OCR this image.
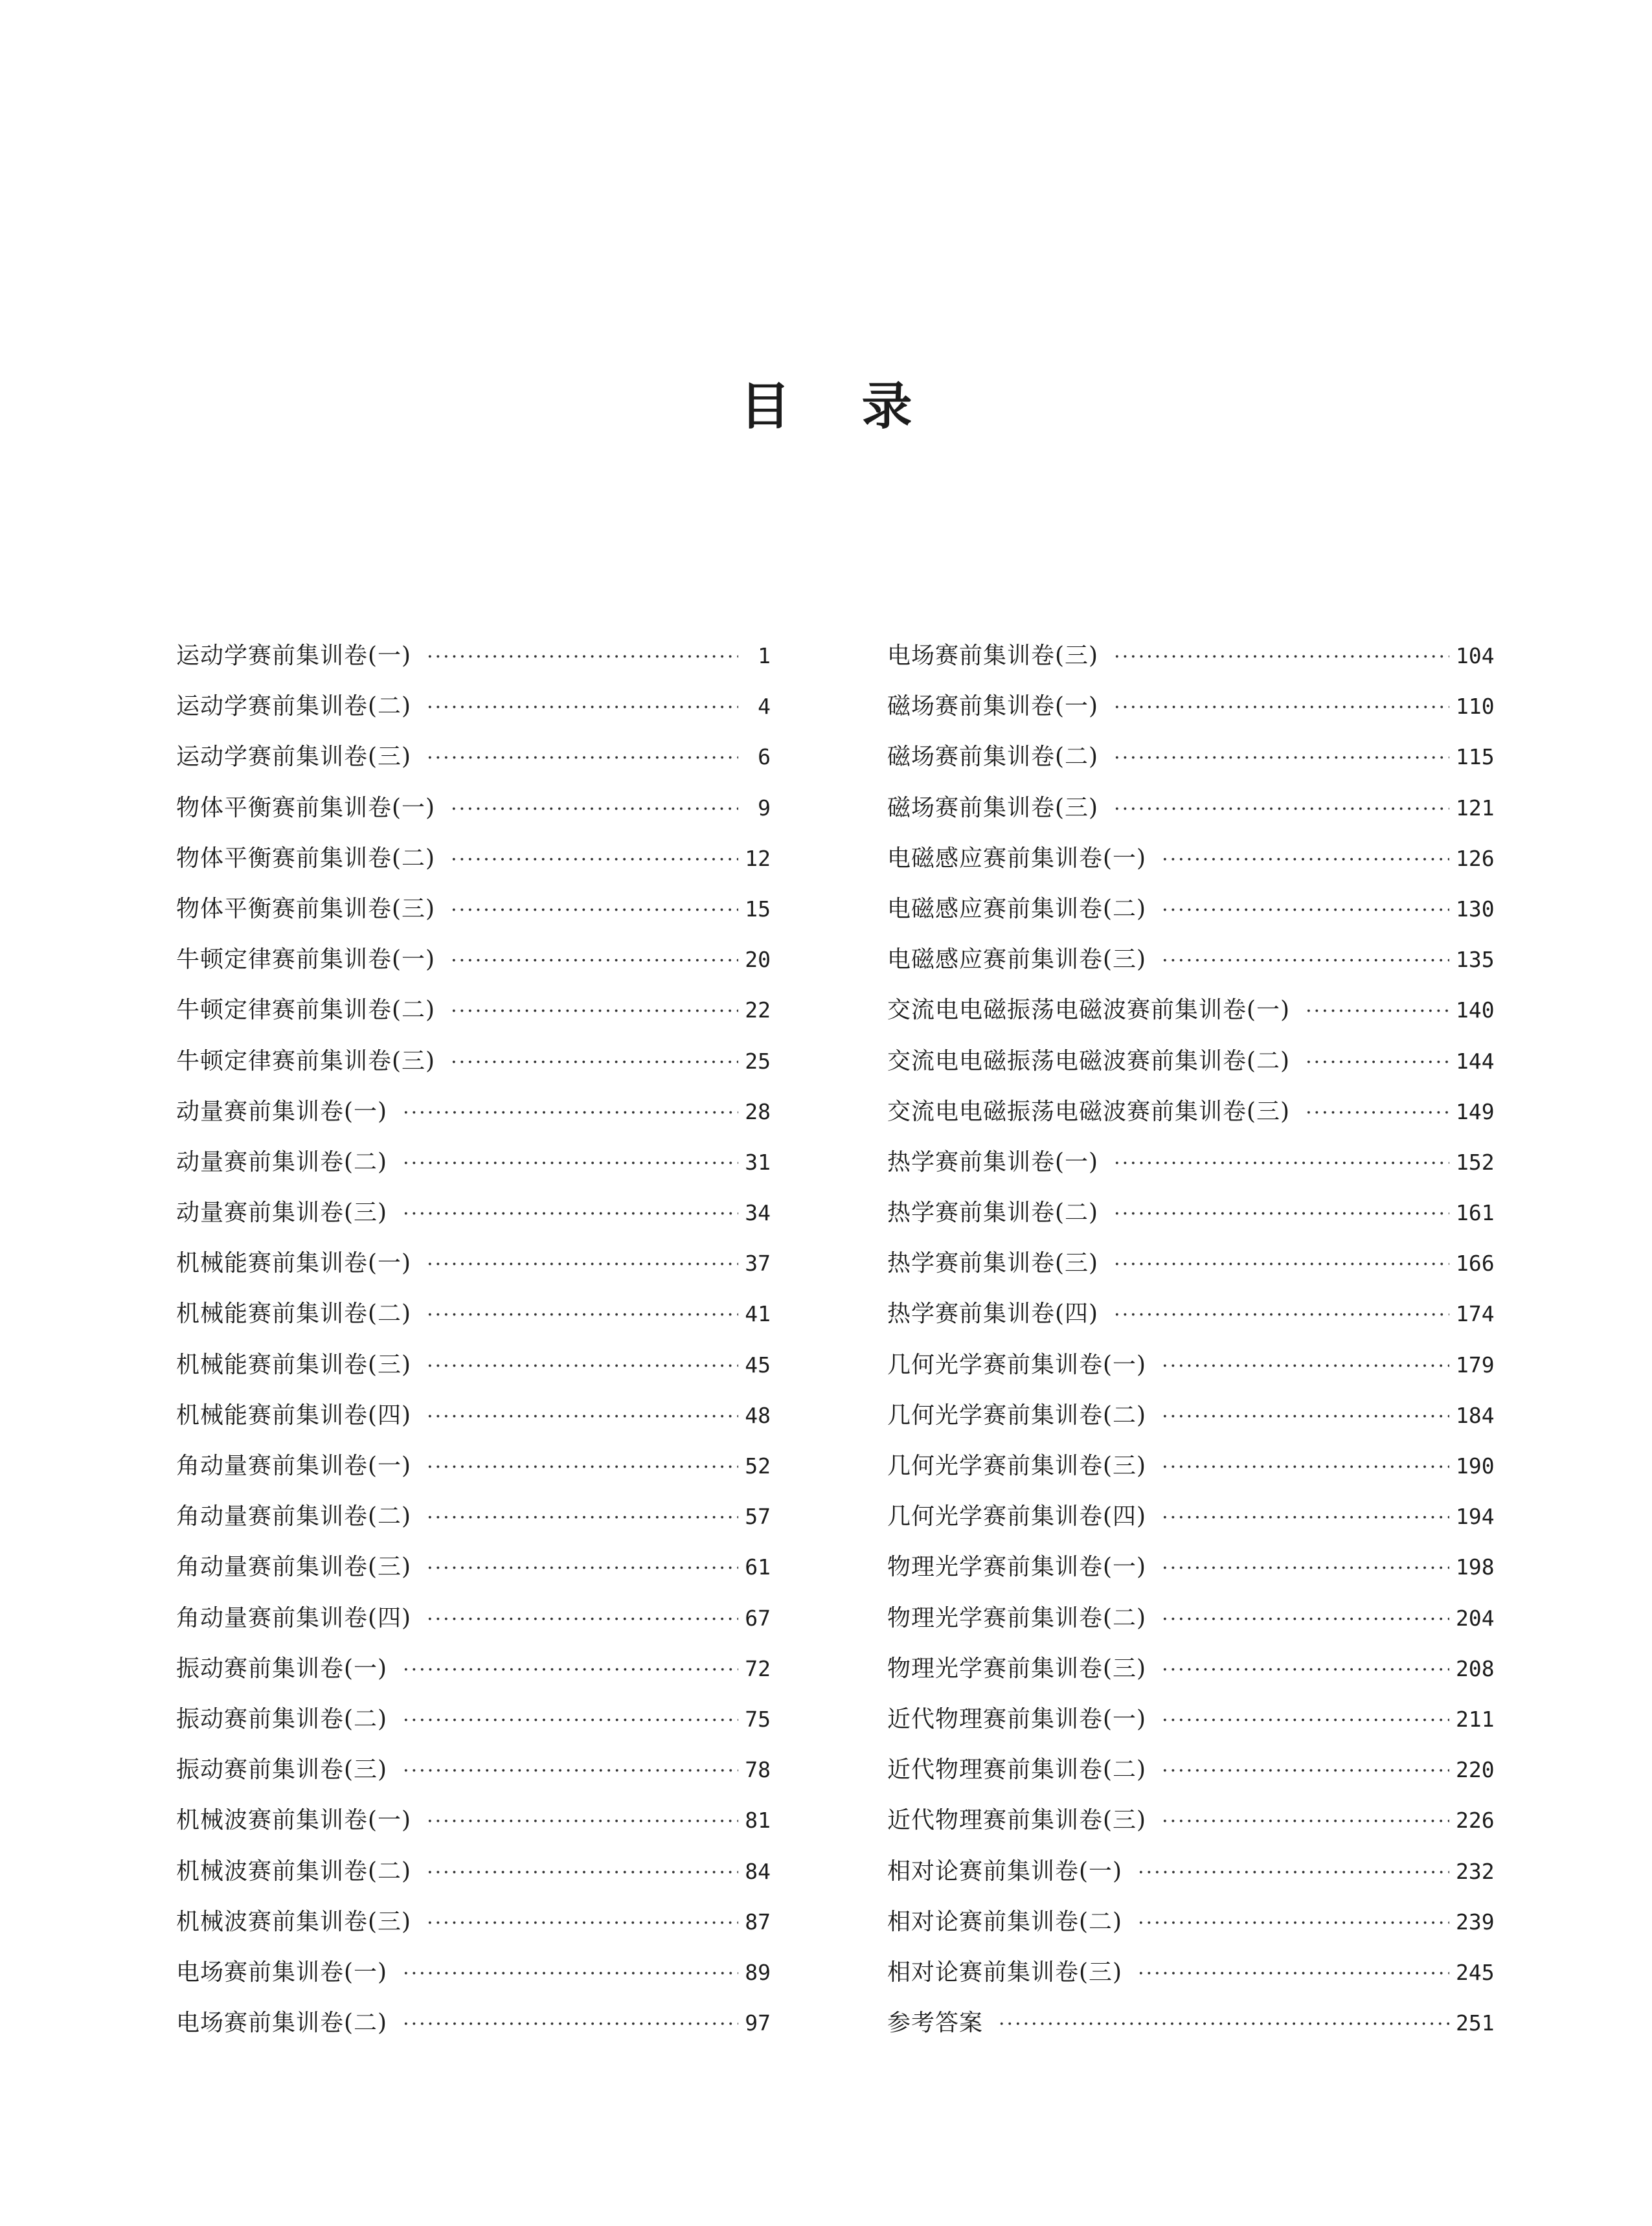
目 录
运动学赛前集训卷(一) ·····	1
运动学赛前集训卷(二) ·····	4
运动学赛前集训卷(三) ·····	6
物体平衡赛前集训卷(一) ·····	9
物体平衡赛前集训卷(二) ·····	12
物体平衡赛前集训卷(三) ·····	15
牛顿定律赛前集训卷(一) ·····	20
牛顿定律赛前集训卷(二) ·····	22
牛顿定律赛前集训卷(三) ·····	25
动量赛前集训卷(一) ·····	28
动量赛前集训卷(二) ·····	31
动量赛前集训卷(三) ·····	34
机械能赛前集训卷(一) ·····	37
机械能赛前集训卷(二) ·····	41
机械能赛前集训卷(三) ·····	45
机械能赛前集训卷(四) ·····	48
角动量赛前集训卷(一) ·····	52
角动量赛前集训卷(二) ·····	57
角动量赛前集训卷(三) ·····	61
角动量赛前集训卷(四) ·····	67
振动赛前集训卷(一) ·····	72
振动赛前集训卷(二) ·····	75
振动赛前集训卷(三) ·····	78
机械波赛前集训卷(一) ·····	81
机械波赛前集训卷(二) ·····	84
机械波赛前集训卷(三) ·····	87
电场赛前集训卷(一) ·····	89
电场赛前集训卷(二) ·····	97
电场赛前集训卷(三) ·····	104
磁场赛前集训卷(一) ·····	110
磁场赛前集训卷(二) ·····	115
磁场赛前集训卷(三) ·····	121
电磁感应赛前集训卷(一) ·····	126
电磁感应赛前集训卷(二) ·····	130
电磁感应赛前集训卷(三) ·····	135
交流电电磁振荡电磁波赛前集训卷(一) ·····	140
交流电电磁振荡电磁波赛前集训卷(二) ·····	144
交流电电磁振荡电磁波赛前集训卷(三) ·····	149
热学赛前集训卷(一) ·····	152
热学赛前集训卷(二) ·····	161
热学赛前集训卷(三) ·····	166
热学赛前集训卷(四) ·····	174
几何光学赛前集训卷(一) ·····	179
几何光学赛前集训卷(二) ·····	184
几何光学赛前集训卷(三) ·····	190
几何光学赛前集训卷(四) ·····	194
物理光学赛前集训卷(一) ·····	198
物理光学赛前集训卷(二) ·····	204
物理光学赛前集训卷(三) ·····	208
近代物理赛前集训卷(一) ·····	211
近代物理赛前集训卷(二) ·····	220
近代物理赛前集训卷(三) ·····	226
相对论赛前集训卷(一) ·····	232
相对论赛前集训卷(二) ·····	239
相对论赛前集训卷(三) ·····	245
参考答案 ·····	251
